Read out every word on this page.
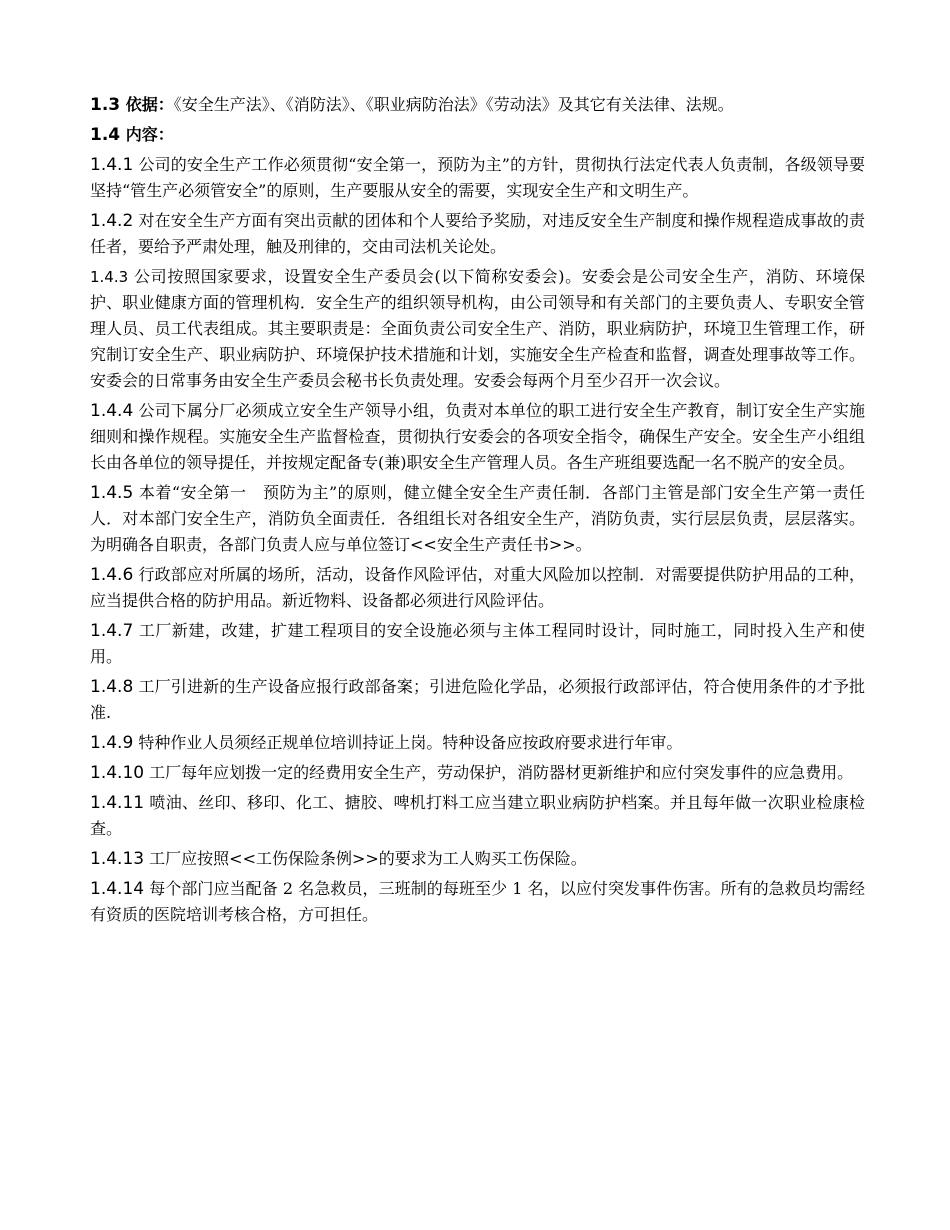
1.3 依据：《安全生产法》、《消防法》、《职业病防治法》《劳动法》及其它有关法律、法规。

1.4 内容：

1.4.1 公司的安全生产工作必须贯彻“安全第一，预防为主”的方针，贯彻执行法定代表人负责制，各级领导要坚持“管生产必须管安全”的原则，生产要服从安全的需要，实现安全生产和文明生产。

1.4.2 对在安全生产方面有突出贡献的团体和个人要给予奖励，对违反安全生产制度和操作规程造成事故的责任者，要给予严肃处理，触及刑律的，交由司法机关论处。

1.4.3 公司按照国家要求，设置安全生产委员会(以下简称安委会)。安委会是公司安全生产，消防、环境保护、职业健康方面的管理机构．安全生产的组织领导机构，由公司领导和有关部门的主要负责人、专职安全管理人员、员工代表组成。其主要职责是：全面负责公司安全生产、消防，职业病防护，环境卫生管理工作，研究制订安全生产、职业病防护、环境保护技术措施和计划，实施安全生产检查和监督，调查处理事故等工作。安委会的日常事务由安全生产委员会秘书长负责处理。安委会每两个月至少召开一次会议。

1.4.4 公司下属分厂必须成立安全生产领导小组，负责对本单位的职工进行安全生产教育，制订安全生产实施细则和操作规程。实施安全生产监督检查，贯彻执行安委会的各项安全指令，确保生产安全。安全生产小组组长由各单位的领导提任，并按规定配备专(兼)职安全生产管理人员。各生产班组要选配一名不脱产的安全员。

1.4.5 本着“安全第一　预防为主”的原则，健立健全安全生产责任制．各部门主管是部门安全生产第一责任人．对本部门安全生产，消防负全面责任．各组组长对各组安全生产，消防负责，实行层层负责，层层落实。为明确各自职责，各部门负责人应与单位签订<<安全生产责任书>>。

1.4.6 行政部应对所属的场所，活动，设备作风险评估，对重大风险加以控制．对需要提供防护用品的工种，应当提供合格的防护用品。新近物料、设备都必须进行风险评估。

1.4.7 工厂新建，改建，扩建工程项目的安全设施必须与主体工程同时设计，同时施工，同时投入生产和使用。

1.4.8 工厂引进新的生产设备应报行政部备案；引进危险化学品，必须报行政部评估，符合使用条件的才予批准.

1.4.9 特种作业人员须经正规单位培训持证上岗。特种设备应按政府要求进行年审。

1.4.10 工厂每年应划拨一定的经费用安全生产，劳动保护，消防器材更新维护和应付突发事件的应急费用。

1.4.11 喷油、丝印、移印、化工、搪胶、啤机打料工应当建立职业病防护档案。并且每年做一次职业检康检查。

1.4.13 工厂应按照<<工伤保险条例>>的要求为工人购买工伤保险。

1.4.14 每个部门应当配备 2 名急救员，三班制的每班至少 1 名，以应付突发事件伤害。所有的急救员均需经有资质的医院培训考核合格，方可担任。
